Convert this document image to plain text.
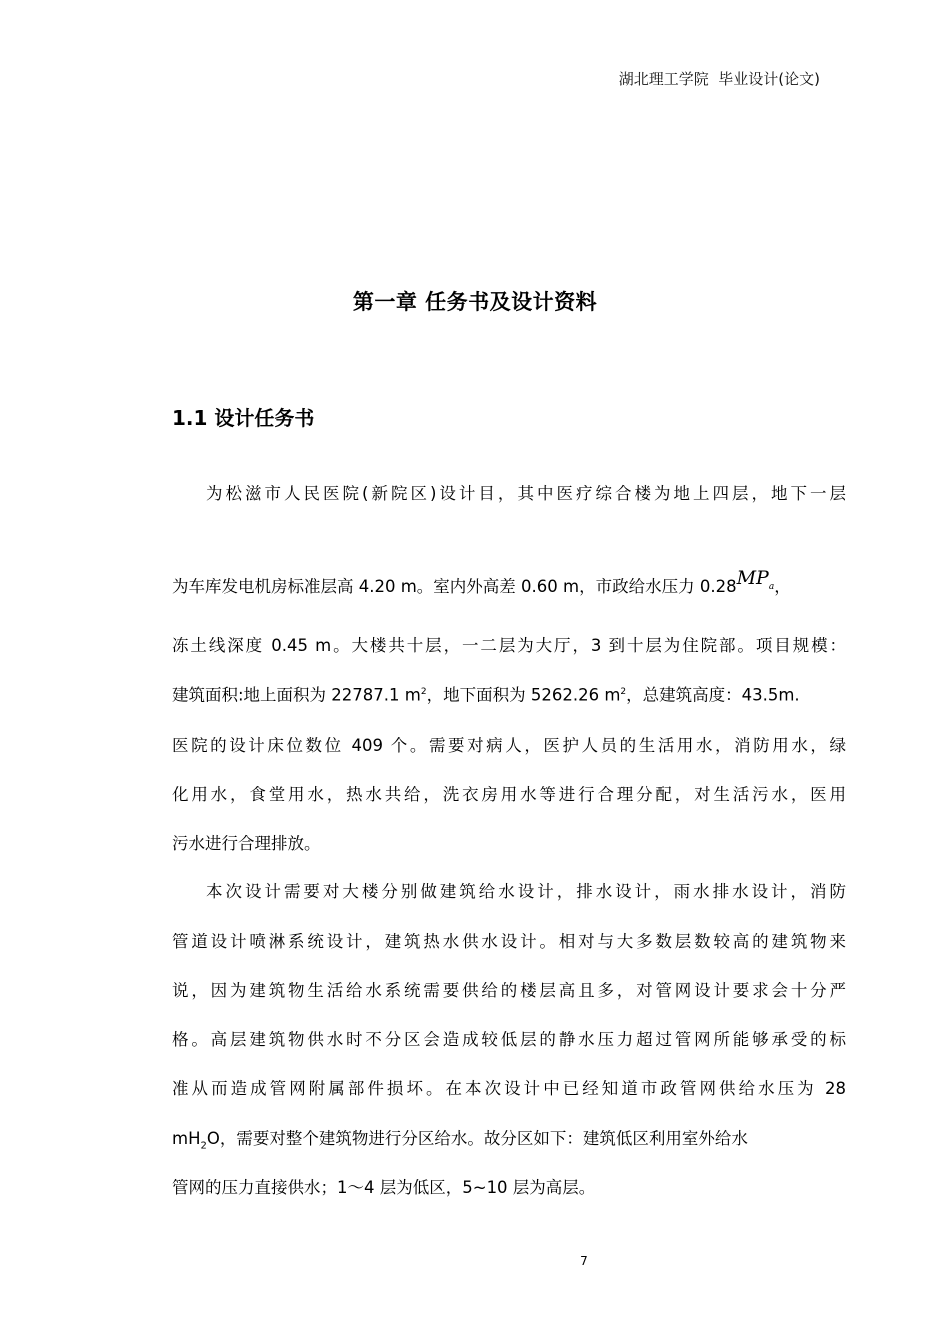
湖北理工学院  毕业设计(论文)
第一章 任务书及设计资料
1.1 设计任务书
为松滋市人民医院(新院区)设计目，其中医疗综合楼为地上四层，地下一层
为车库发电机房标准层高 4.20 m。室内外高差 0.60 m，市政给水压力 $0.28MP_a$，
冻土线深度 0.45 m。大楼共十层，一二层为大厅，3 到十层为住院部。项目规模：
建筑面积:地上面积为 22787.1 $m^2$，地下面积为 5262.26 $m^2$，总建筑高度：43.5m.
医院的设计床位数位 409 个。需要对病人，医护人员的生活用水，消防用水，绿
化用水，食堂用水，热水共给，洗衣房用水等进行合理分配，对生活污水，医用
污水进行合理排放。
本次设计需要对大楼分别做建筑给水设计，排水设计，雨水排水设计，消防
管道设计喷淋系统设计，建筑热水供水设计。相对与大多数层数较高的建筑物来
说，因为建筑物生活给水系统需要供给的楼层高且多，对管网设计要求会十分严
格。高层建筑物供水时不分区会造成较低层的静水压力超过管网所能够承受的标
准从而造成管网附属部件损坏。在本次设计中已经知道市政管网供给水压为 28
$mH_2O$，需要对整个建筑物进行分区给水。故分区如下：建筑低区利用室外给水
管网的压力直接供水；1～4 层为低区，5~10 层为高层。
7
